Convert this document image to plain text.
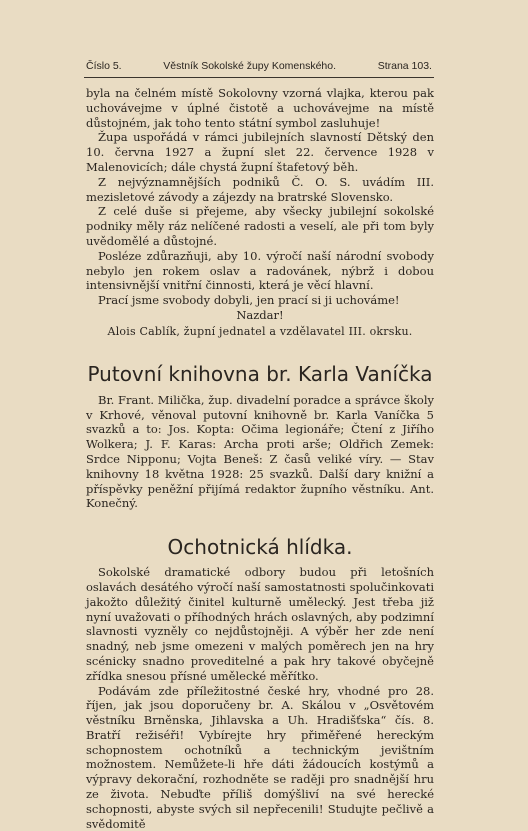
Číslo 5.	Věstník Sokolské župy Komenského.	Strana 103.

byla na čelném místě Sokolovny vzorná vlajka, kterou pak uchovávejme v úplné čistotě a uchovávejme na místě důstojném, jak toho tento státní symbol zasluhuje!

Župa uspořádá v rámci jubilejních slavností Dětský den 10. června 1927 a župní slet 22. července 1928 v Malenovicích; dále chystá župní štafetový běh.

Z nejvýznamnějších podniků Č. O. S. uvádím III. mezisletové závody a zájezdy na bratrské Slovensko.

Z celé duše si přejeme, aby všecky jubilejní sokolské podniky měly ráz nelíčené radosti a veselí, ale při tom byly uvědomělé a důstojné.

Posléze zdůrazňuji, aby 10. výročí naší národní svobody nebylo jen rokem oslav a radovánek, nýbrž i dobou intensivnější vnitřní činnosti, která je věcí hlavní.

Prací jsme svobody dobyli, jen prací si ji uchováme!

Nazdar!
Alois Cablík, župní jednatel a vzdělavatel III. okrsku.
Putovní knihovna br. Karla Vaníčka

Br. Frant. Milička, žup. divadelní poradce a správce školy v Krhové, věnoval putovní knihovně br. Karla Vaníčka 5 svazků a to: Jos. Kopta: Očima legionáře; Čtení z Jiřího Wolkera; J. F. Karas: Archa proti arše; Oldřich Zemek: Srdce Nipponu; Vojta Beneš: Z časů veliké víry. — Stav knihovny 18 května 1928: 25 svazků. Další dary knižní a příspěvky peněžní přijímá redaktor župního věstníku. Ant. Konečný.

Ochotnická hlídka.

Sokolské dramatické odbory budou při letošních oslavách desátého výročí naší samostatnosti spolučinkovati jakožto důležitý činitel kulturně umělecký. Jest třeba již nyní uvažovati o příhodných hrách oslavných, aby podzimní slavnosti vyzněly co nejdůstojněji. A výběr her zde není snadný, neb jsme omezeni v malých poměrech jen na hry scénicky snadno proveditelné a pak hry takové obyčejně zřídka snesou přísné umělecké měřítko.

Podávám zde příležitostné české hry, vhodné pro 28. říjen, jak jsou doporučeny br. A. Skálou v „Osvětovém věstníku Brněnska, Jihlavska a Uh. Hradišťska“ čís. 8. Bratří režiséři! Vybírejte hry přiměřené hereckým schopnostem ochotníků a technickým jevištním možnostem. Nemůžete-li hře dáti žádoucích kostýmů a výpravy dekorační, rozhodněte se raději pro snadnější hru ze života. Nebuďte příliš domýšliví na své herecké schopnosti, abyste svých sil nepřecenili! Studujte pečlivě a svědomitě
